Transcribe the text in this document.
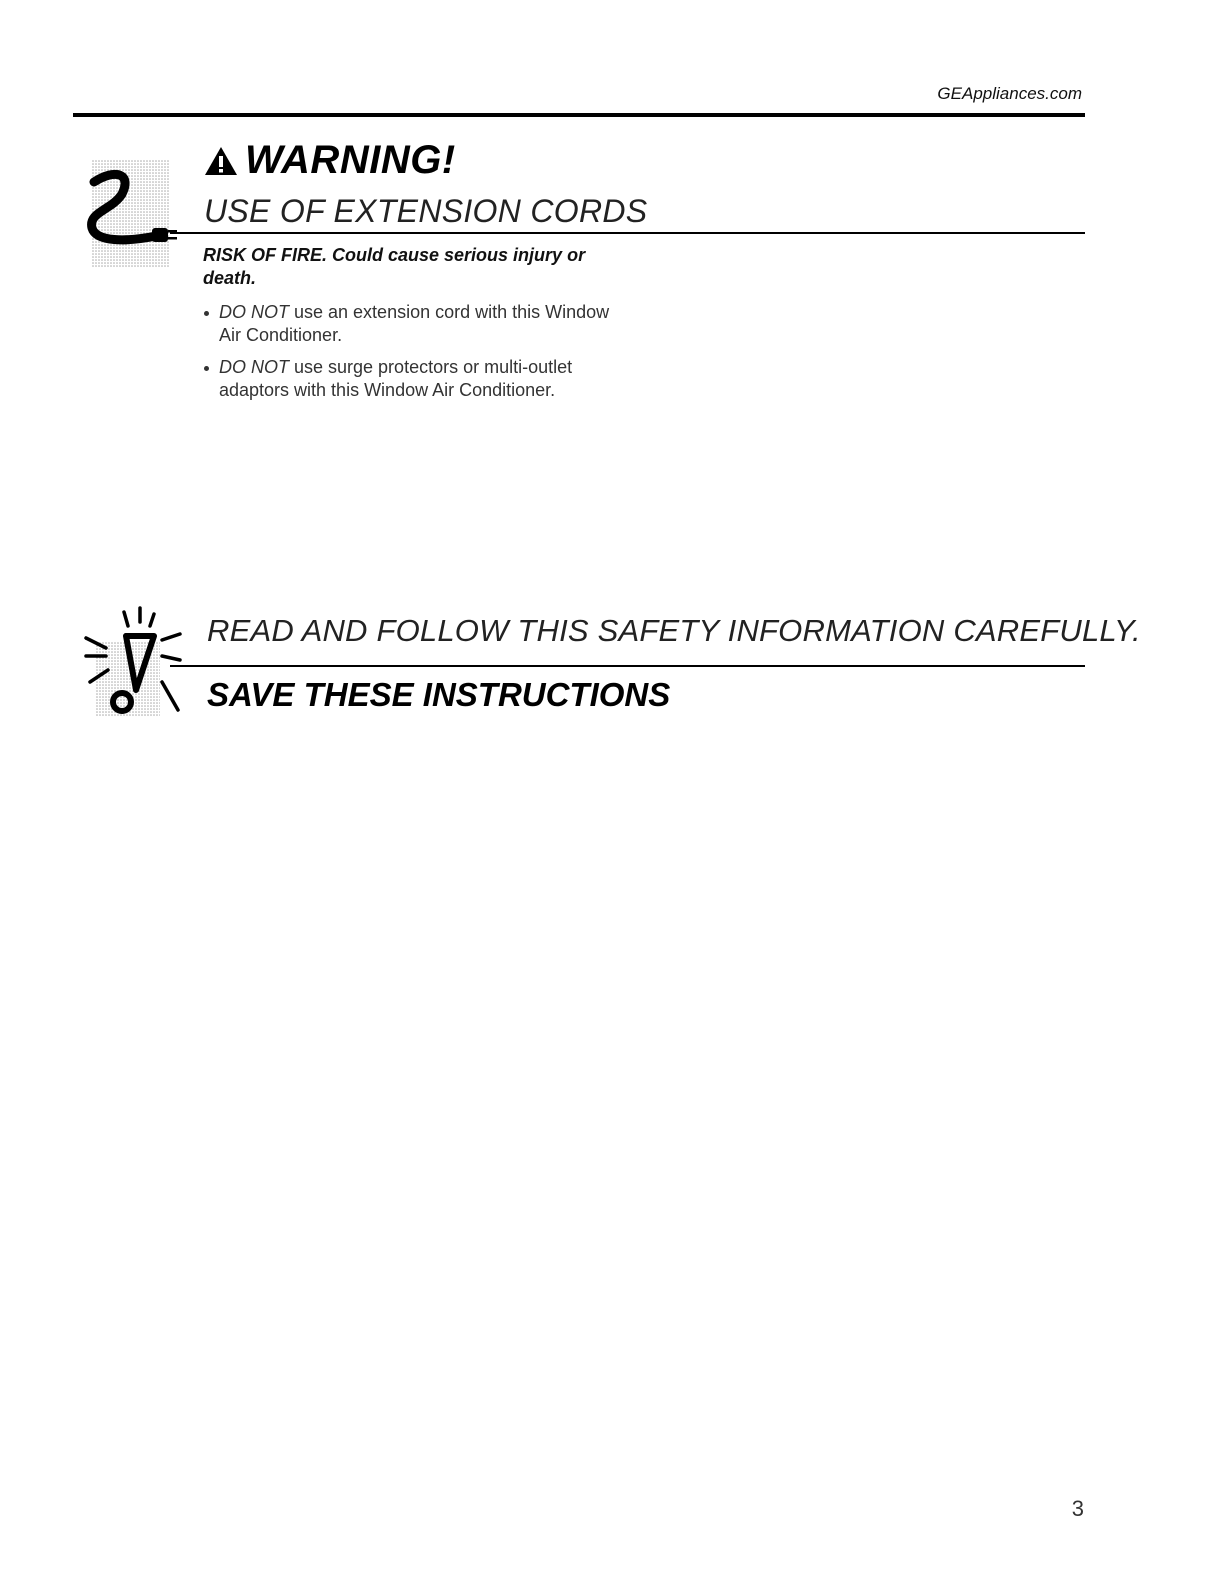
GEAppliances.com
WARNING!
USE OF EXTENSION CORDS
RISK OF FIRE. Could cause serious injury or death.
DO NOT use an extension cord with this Window Air Conditioner.
DO NOT use surge protectors or multi-outlet adaptors with this Window Air Conditioner.
READ AND FOLLOW THIS SAFETY INFORMATION CAREFULLY.
SAVE THESE INSTRUCTIONS
3
